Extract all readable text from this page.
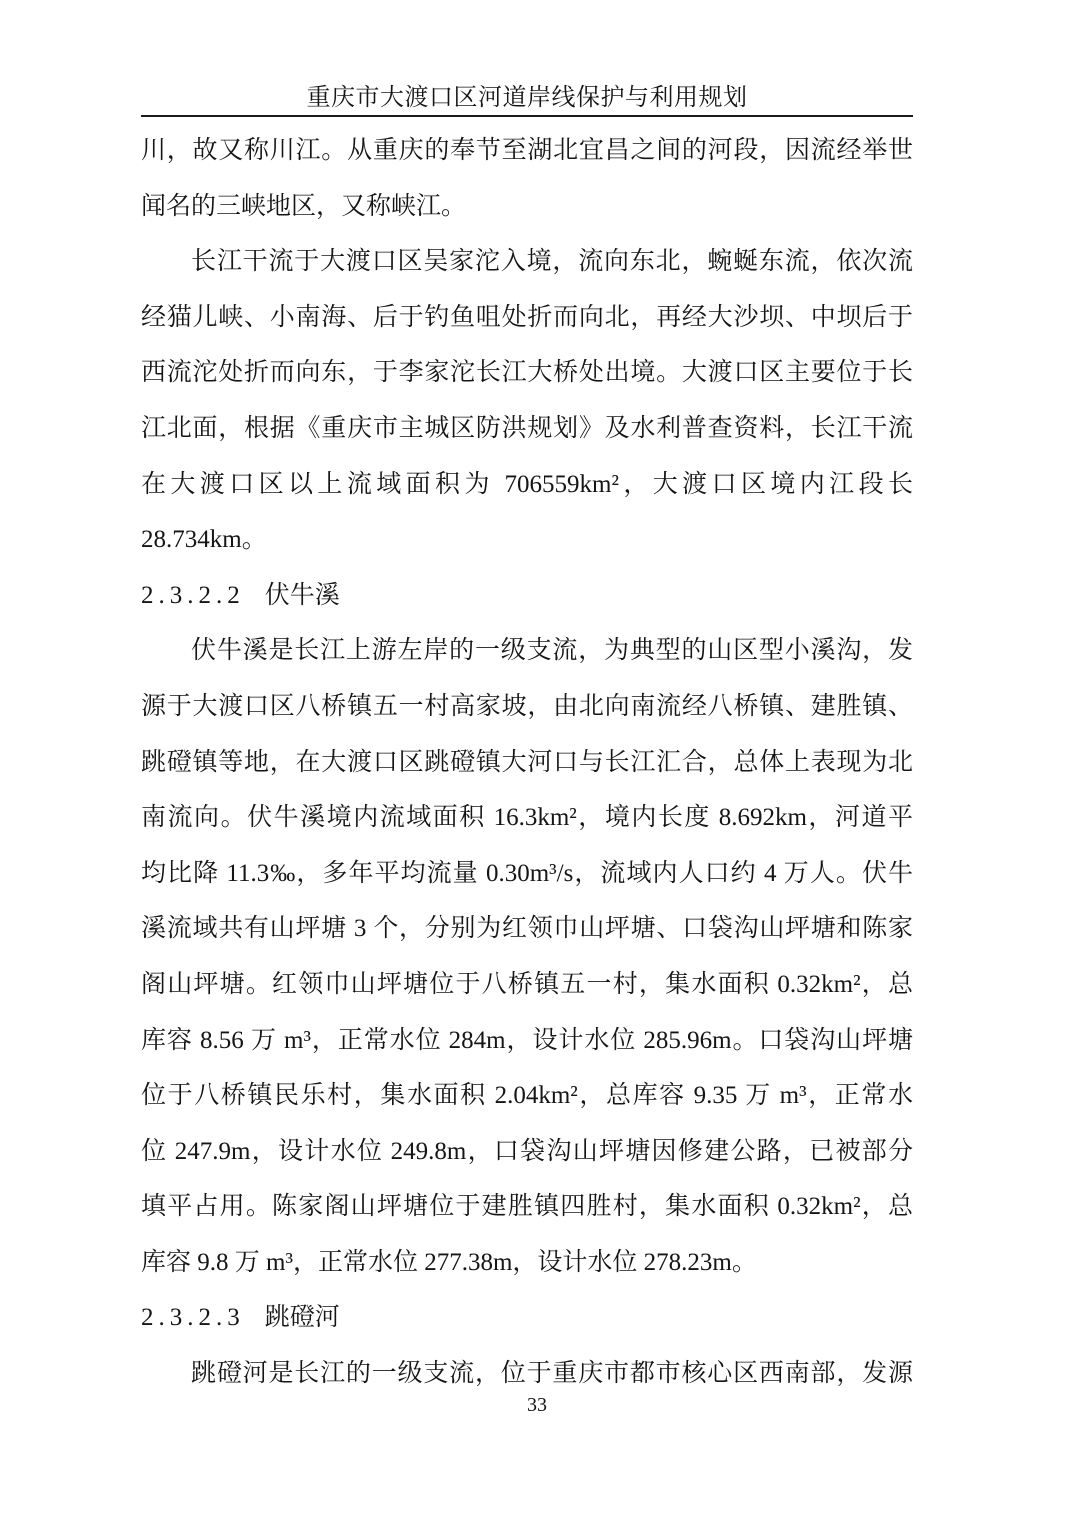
重庆市大渡口区河道岸线保护与利用规划
川，故又称川江。从重庆的奉节至湖北宜昌之间的河段，因流经举世
闻名的三峡地区，又称峡江。
长江干流于大渡口区吴家沱入境，流向东北，蜿蜒东流，依次流
经猫儿峡、小南海、后于钓鱼咀处折而向北，再经大沙坝、中坝后于
西流沱处折而向东，于李家沱长江大桥处出境。大渡口区主要位于长
江北面，根据《重庆市主城区防洪规划》及水利普查资料，长江干流
在大渡口区以上流域面积为 706559km²，大渡口区境内江段长
28.734km。
2.3.2.2 伏牛溪
伏牛溪是长江上游左岸的一级支流，为典型的山区型小溪沟，发
源于大渡口区八桥镇五一村高家坡，由北向南流经八桥镇、建胜镇、
跳磴镇等地，在大渡口区跳磴镇大河口与长江汇合，总体上表现为北
南流向。伏牛溪境内流域面积 16.3km²，境内长度 8.692km，河道平
均比降 11.3‰，多年平均流量 0.30m³/s，流域内人口约 4 万人。伏牛
溪流域共有山坪塘 3 个，分别为红领巾山坪塘、口袋沟山坪塘和陈家
阁山坪塘。红领巾山坪塘位于八桥镇五一村，集水面积 0.32km²，总
库容 8.56 万 m³，正常水位 284m，设计水位 285.96m。口袋沟山坪塘
位于八桥镇民乐村，集水面积 2.04km²，总库容 9.35 万 m³，正常水
位 247.9m，设计水位 249.8m，口袋沟山坪塘因修建公路，已被部分
填平占用。陈家阁山坪塘位于建胜镇四胜村，集水面积 0.32km²，总
库容 9.8 万 m³，正常水位 277.38m，设计水位 278.23m。
2.3.2.3 跳磴河
跳磴河是长江的一级支流，位于重庆市都市核心区西南部，发源
33
